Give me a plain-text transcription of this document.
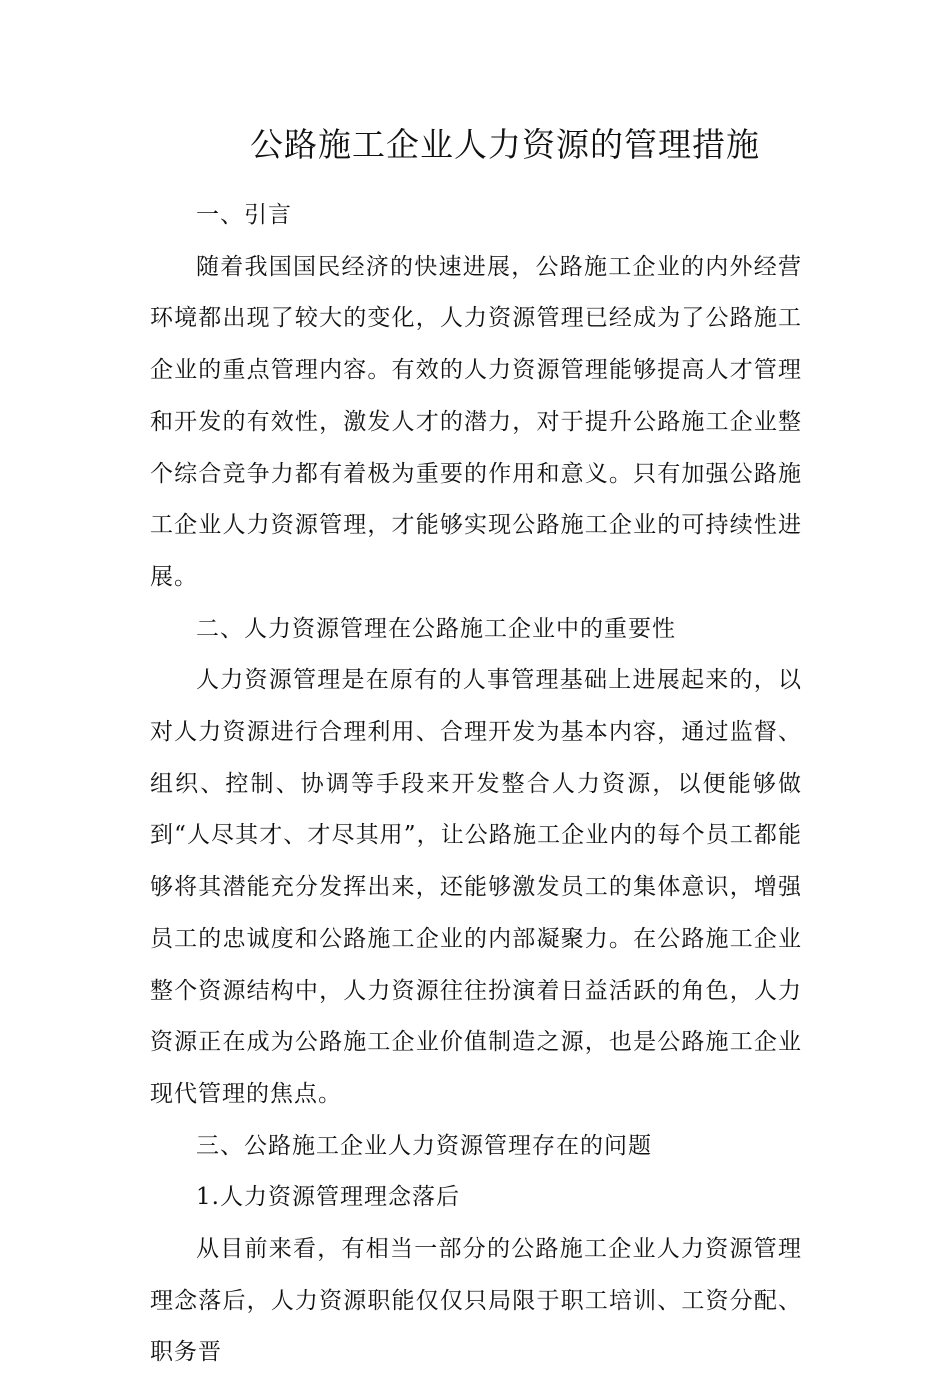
公路施工企业人力资源的管理措施

一、引言

随着我国国民经济的快速进展，公路施工企业的内外经营环境都出现了较大的变化，人力资源管理已经成为了公路施工企业的重点管理内容。有效的人力资源管理能够提高人才管理和开发的有效性，激发人才的潜力，对于提升公路施工企业整个综合竞争力都有着极为重要的作用和意义。只有加强公路施工企业人力资源管理，才能够实现公路施工企业的可持续性进展。

二、人力资源管理在公路施工企业中的重要性

人力资源管理是在原有的人事管理基础上进展起来的，以对人力资源进行合理利用、合理开发为基本内容，通过监督、组织、控制、协调等手段来开发整合人力资源，以便能够做到“人尽其才、才尽其用”，让公路施工企业内的每个员工都能够将其潜能充分发挥出来，还能够激发员工的集体意识，增强员工的忠诚度和公路施工企业的内部凝聚力。在公路施工企业整个资源结构中，人力资源往往扮演着日益活跃的角色，人力资源正在成为公路施工企业价值制造之源，也是公路施工企业现代管理的焦点。

三、公路施工企业人力资源管理存在的问题

1.人力资源管理理念落后

从目前来看，有相当一部分的公路施工企业人力资源管理理念落后，人力资源职能仅仅只局限于职工培训、工资分配、职务晋
